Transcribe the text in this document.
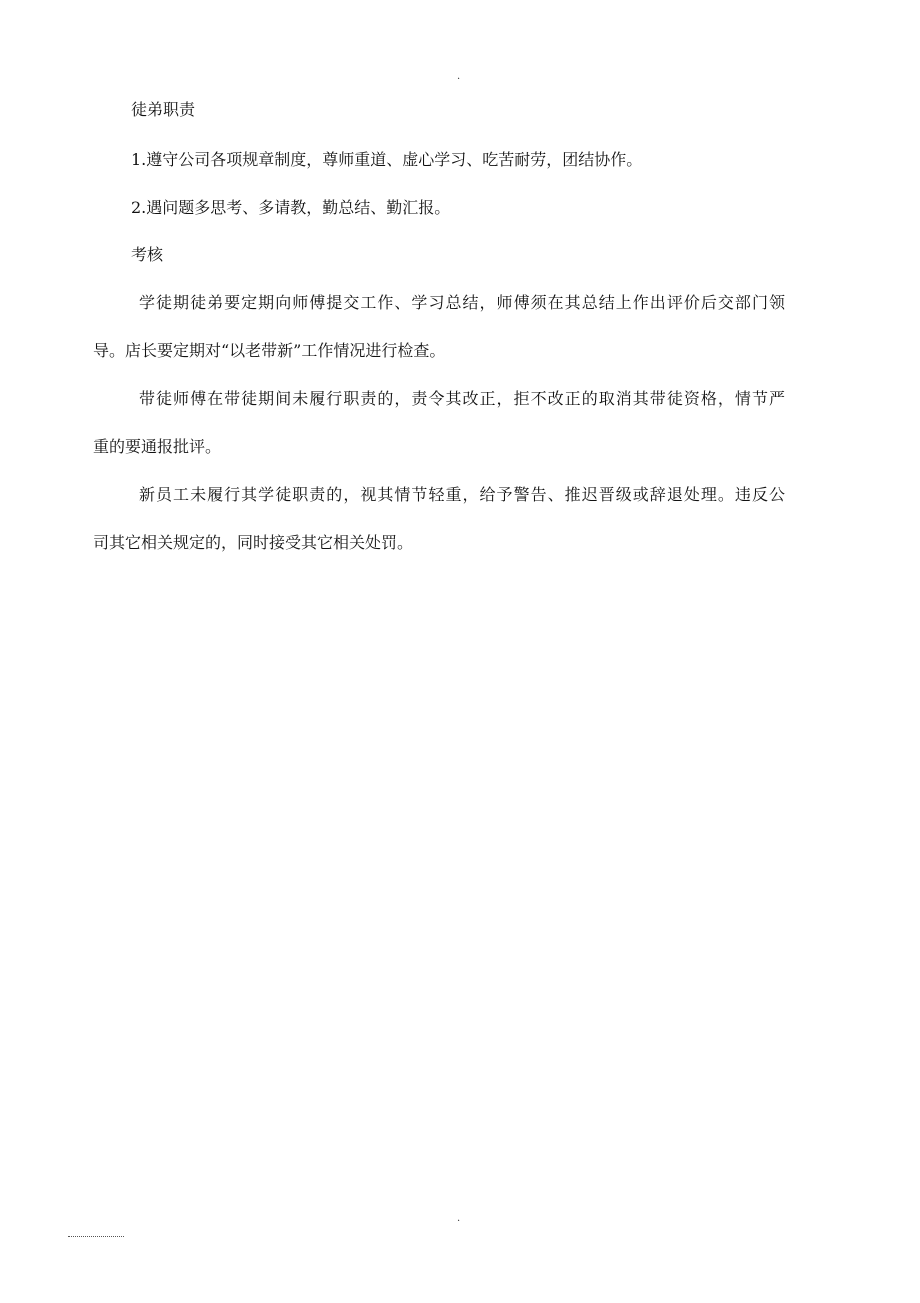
.

徒弟职责

1.遵守公司各项规章制度，尊师重道、虚心学习、吃苦耐劳，团结协作。

2.遇问题多思考、多请教，勤总结、勤汇报。

考核

学徒期徒弟要定期向师傅提交工作、学习总结，师傅须在其总结上作出评价后交部门领

导。店长要定期对“以老带新”工作情况进行检查。

带徒师傅在带徒期间未履行职责的，责令其改正，拒不改正的取消其带徒资格，情节严

重的要通报批评。

新员工未履行其学徒职责的，视其情节轻重，给予警告、推迟晋级或辞退处理。违反公

司其它相关规定的，同时接受其它相关处罚。

.
